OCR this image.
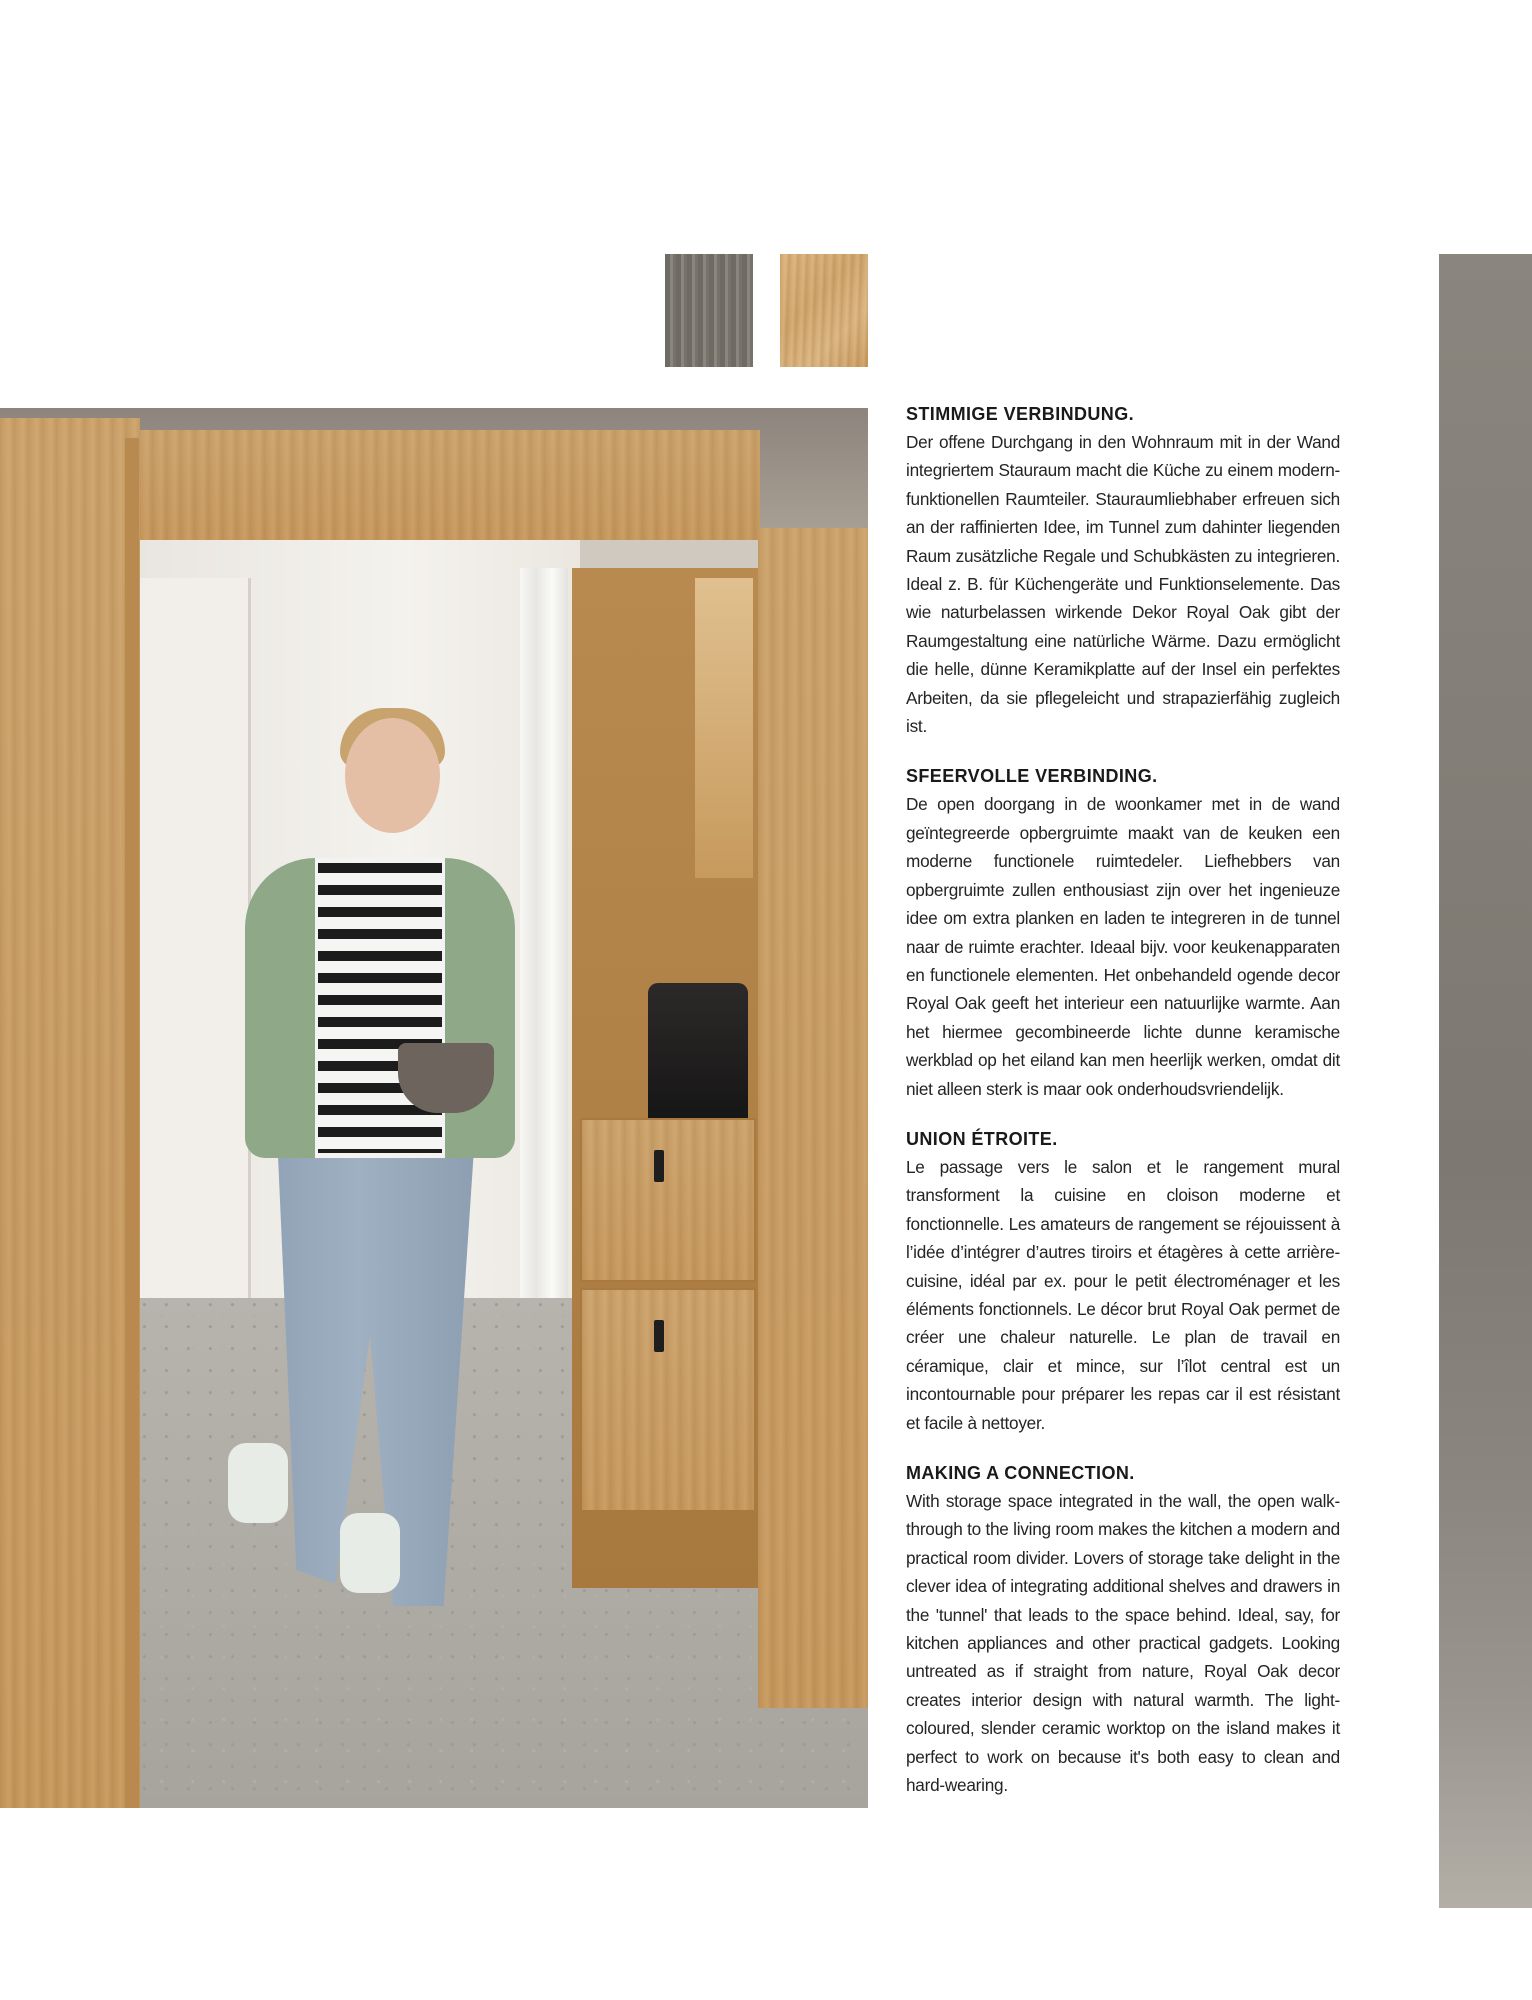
STIMMIGE VERBINDUNG.

Der offene Durchgang in den Wohnraum mit in der Wand integriertem Stauraum macht die Küche zu einem modern-funktionellen Raumteiler. Stauraumliebhaber erfreuen sich an der raffinierten Idee, im Tunnel zum dahinter liegenden Raum zusätzliche Regale und Schubkästen zu integrieren. Ideal z. B. für Küchengeräte und Funktionselemente. Das wie naturbelassen wirkende Dekor Royal Oak gibt der Raumgestaltung eine natürliche Wärme. Dazu ermöglicht die helle, dünne Keramikplatte auf der Insel ein perfektes Arbeiten, da sie pflegeleicht und strapazierfähig zugleich ist.

SFEERVOLLE VERBINDING.

De open doorgang in de woonkamer met in de wand geïntegreerde opbergruimte maakt van de keuken een moderne functionele ruimtedeler. Liefhebbers van opbergruimte zullen enthousiast zijn over het ingenieuze idee om extra planken en laden te integreren in de tunnel naar de ruimte erachter. Ideaal bijv. voor keukenapparaten en functionele elementen. Het onbehandeld ogende decor Royal Oak geeft het interieur een natuurlijke warmte. Aan het hiermee gecombineerde lichte dunne keramische werkblad op het eiland kan men heerlijk werken, omdat dit niet alleen sterk is maar ook onderhoudsvriendelijk.

UNION ÉTROITE.

Le passage vers le salon et le rangement mural transforment la cuisine en cloison moderne et fonctionnelle. Les amateurs de rangement se réjouissent à l’idée d’intégrer d’autres tiroirs et étagères à cette arrière-cuisine, idéal par ex. pour le petit électroménager et les éléments fonctionnels. Le décor brut Royal Oak permet de créer une chaleur naturelle. Le plan de travail en céramique, clair et mince, sur l’îlot central est un incontournable pour préparer les repas car il est résistant et facile à nettoyer.

MAKING A CONNECTION.

With storage space integrated in the wall, the open walk-through to the living room makes the kitchen a modern and practical room divider. Lovers of storage take delight in the clever idea of integrating additional shelves and drawers in the 'tunnel' that leads to the space behind. Ideal, say, for kitchen appliances and other practical gadgets. Looking untreated as if straight from nature, Royal Oak decor creates interior design with natural warmth. The light-coloured, slender ceramic worktop on the island makes it perfect to work on because it's both easy to clean and hard-wearing.
